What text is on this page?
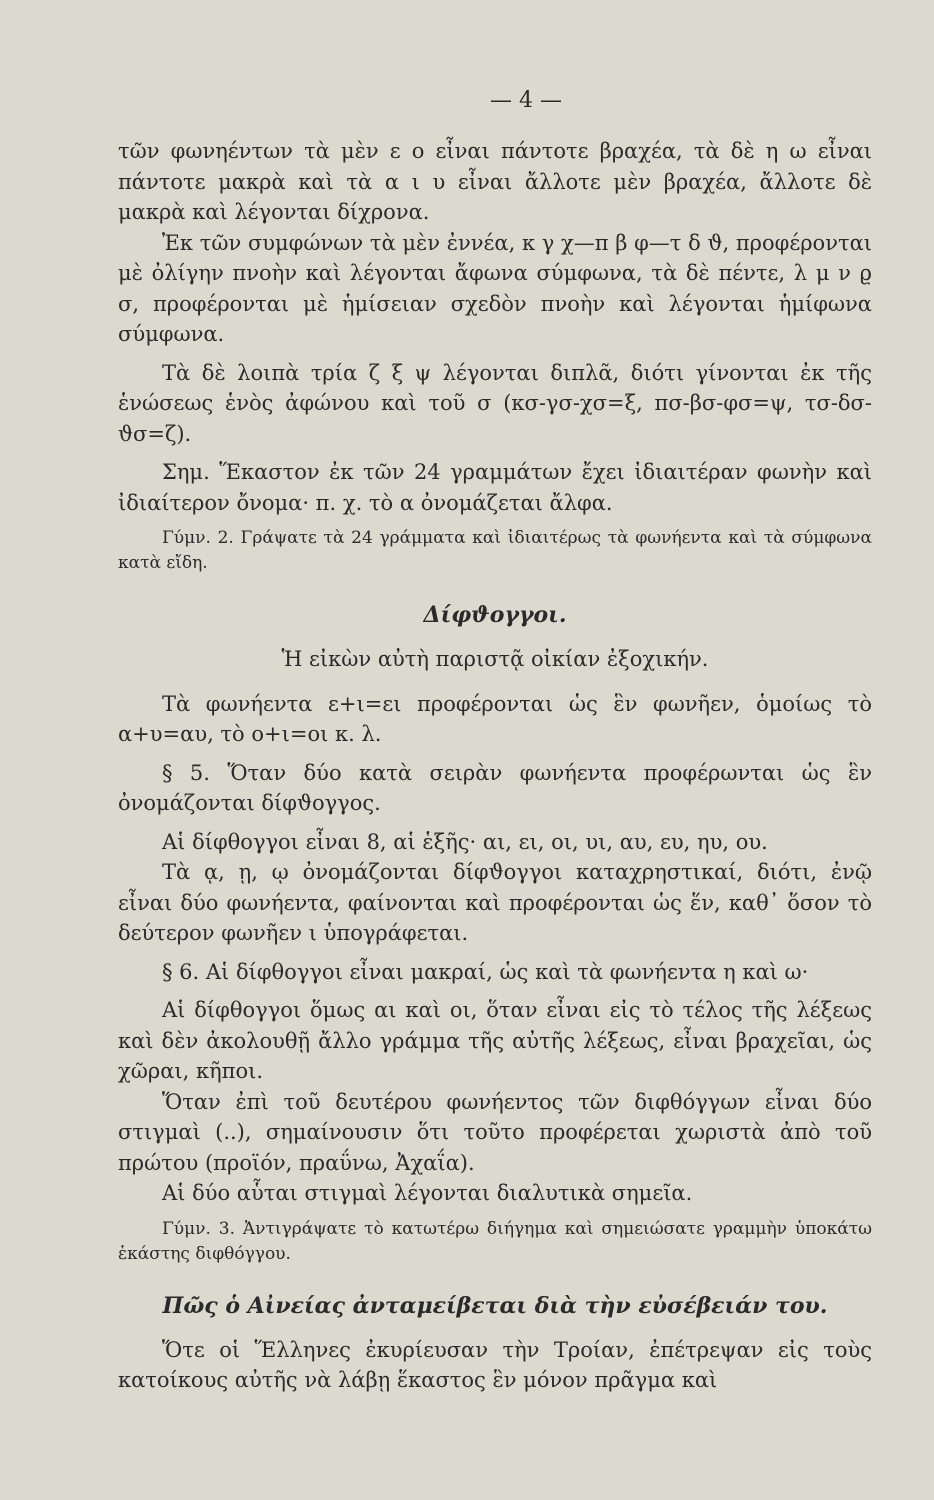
— 4 —

τῶν φωνηέντων τὰ μὲν ε ο εἶναι πάντοτε βραχέα, τὰ δὲ η ω εἶναι πάντοτε μακρὰ καὶ τὰ α ι υ εἶναι ἄλλοτε μὲν βραχέα, ἄλλοτε δὲ μακρὰ καὶ λέγονται δίχρονα.

Ἐκ τῶν συμφώνων τὰ μὲν ἐννέα, κ γ χ—π β φ—τ δ ϑ, προφέρονται μὲ ὀλίγην πνοὴν καὶ λέγονται ἄφωνα σύμφωνα, τὰ δὲ πέντε, λ μ ν ϱ σ, προφέρονται μὲ ἡμίσειαν σχεδὸν πνοὴν καὶ λέγονται ἡμίφωνα σύμφωνα.

Τὰ δὲ λοιπὰ τρία ζ ξ ψ λέγονται διπλᾶ, διότι γίνονται ἐκ τῆς ἑνώσεως ἑνὸς ἀφώνου καὶ τοῦ σ (κσ-γσ-χσ=ξ, πσ-βσ-φσ=ψ, τσ-δσ-ϑσ=ζ).

Σημ. Ἕκαστον ἐκ τῶν 24 γραμμάτων ἔχει ἰδιαιτέραν φωνὴν καὶ ἰδιαίτερον ὄνομα· π. χ. τὸ α ὀνομάζεται ἄλφα.

Γύμν. 2. Γράψατε τὰ 24 γράμματα καὶ ἰδιαιτέρως τὰ φωνήεντα καὶ τὰ σύμφωνα κατὰ εἴδη.

Δίφϑογγοι.

Ἡ εἰκὼν αὐτὴ παριστᾷ οἰκίαν ἐξοχικήν.

Τὰ φωνήεντα ε+ι=ει προφέρονται ὡς ἓν φωνῆεν, ὁμοίως τὸ α+υ=αυ, τὸ ο+ι=οι κ. λ.

§ 5. Ὅταν δύο κατὰ σειρὰν φωνήεντα προφέρωνται ὡς ἓν ὀνομάζονται δίφϑογγος.

Αἱ δίφθογγοι εἶναι 8, αἱ ἑξῆς· αι, ει, οι, υι, αυ, ευ, ηυ, ου.

Τὰ ᾳ, ῃ, ῳ ὀνομάζονται δίφϑογγοι καταχρηστικαί, διότι, ἐνῷ εἶναι δύο φωνήεντα, φαίνονται καὶ προφέρονται ὡς ἕν, καθ᾽ ὅσον τὸ δεύτερον φωνῆεν ι ὑπογράφεται.

§ 6. Αἱ δίφθογγοι εἶναι μακραί, ὡς καὶ τὰ φωνήεντα η καὶ ω·

Αἱ δίφθογγοι ὅμως αι καὶ οι, ὅταν εἶναι εἰς τὸ τέλος τῆς λέξεως καὶ δὲν ἀκολουθῇ ἄλλο γράμμα τῆς αὐτῆς λέξεως, εἶναι βραχεῖαι, ὡς χῶραι, κῆποι.

Ὅταν ἐπὶ τοῦ δευτέρου φωνήεντος τῶν διφθόγγων εἶναι δύο στιγμαὶ (..), σημαίνουσιν ὅτι τοῦτο προφέρεται χωριστὰ ἀπὸ τοῦ πρώτου (προϊόν, πραΰνω, Ἀχαΐα).

Αἱ δύο αὗται στιγμαὶ λέγονται διαλυτικὰ σημεῖα.

Γύμν. 3. Ἀντιγράψατε τὸ κατωτέρω διήγημα καὶ σημειώσατε γραμμὴν ὑποκάτω ἑκάστης διφθόγγου.

Πῶς ὁ Αἰνείας ἀνταμείβεται διὰ τὴν εὐσέβειάν του.

Ὅτε οἱ Ἕλληνες ἐκυρίευσαν τὴν Τροίαν, ἐπέτρεψαν εἰς τοὺς κατοίκους αὐτῆς νὰ λάβῃ ἕκαστος ἓν μόνον πρᾶγμα καὶ
